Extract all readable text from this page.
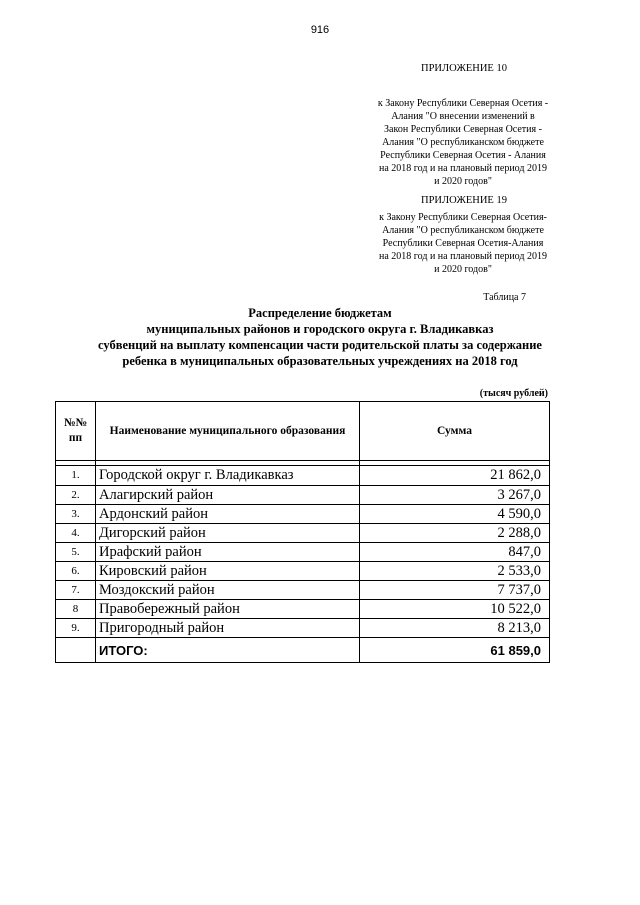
916
ПРИЛОЖЕНИЕ 10
к Закону Республики Северная Осетия -
Алания "О внесении изменений в
Закон Республики Северная Осетия -
Алания "О республиканском бюджете
Республики Северная Осетия - Алания
на 2018 год и на плановый период 2019
и 2020 годов"
ПРИЛОЖЕНИЕ 19
к Закону Республики Северная Осетия-
Алания "О республиканском бюджете
Республики Северная Осетия-Алания
на 2018 год и на плановый период 2019
и 2020 годов"
Таблица 7
Распределение бюджетам
муниципальных районов и городского округа г. Владикавказ
субвенций на выплату компенсации части родительской платы за содержание
ребенка в муниципальных образовательных учреждениях на 2018 год
(тысяч рублей)
№№ пп	Наименование муниципального образования	Сумма

1.	Городской округ г. Владикавказ	21 862,0
2.	Алагирский район	3 267,0
3.	Ардонский район	4 590,0
4.	Дигорский район	2 288,0
5.	Ирафский район	847,0
6.	Кировский район	2 533,0
7.	Моздокский район	7 737,0
8	Правобережный район	10 522,0
9.	Пригородный район	8 213,0
	ИТОГО:	61 859,0
